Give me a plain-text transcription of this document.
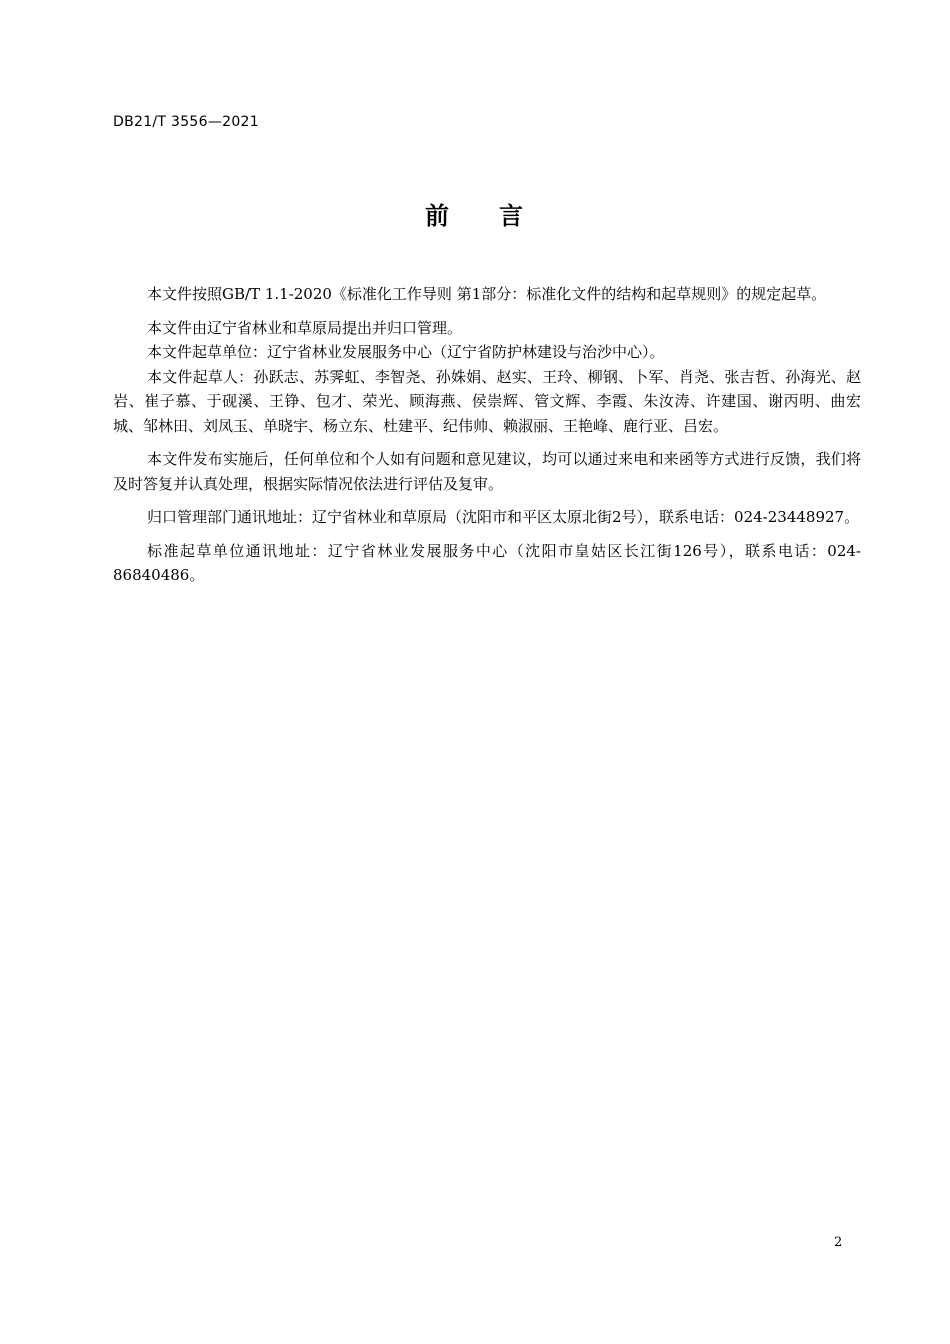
DB21/T 3556—2021
前 言

本文件按照GB/T 1.1-2020《标准化工作导则 第1部分：标准化文件的结构和起草规则》的规定起草。

本文件由辽宁省林业和草原局提出并归口管理。

本文件起草单位：辽宁省林业发展服务中心（辽宁省防护林建设与治沙中心）。

本文件起草人：孙跃志、苏霁虹、李智尧、孙姝娟、赵实、王玲、柳钢、卜军、肖尧、张吉哲、孙海光、赵岩、崔子慕、于砚溪、王铮、包才、荣光、顾海燕、侯崇辉、管文辉、李霞、朱汝涛、许建国、谢丙明、曲宏城、邹林田、刘凤玉、单晓宇、杨立东、杜建平、纪伟帅、赖淑丽、王艳峰、鹿行亚、吕宏。

本文件发布实施后，任何单位和个人如有问题和意见建议，均可以通过来电和来函等方式进行反馈，我们将及时答复并认真处理，根据实际情况依法进行评估及复审。

归口管理部门通讯地址：辽宁省林业和草原局（沈阳市和平区太原北街2号），联系电话：024-23448927。

标准起草单位通讯地址：辽宁省林业发展服务中心（沈阳市皇姑区长江街126号），联系电话：024-86840486。

2
